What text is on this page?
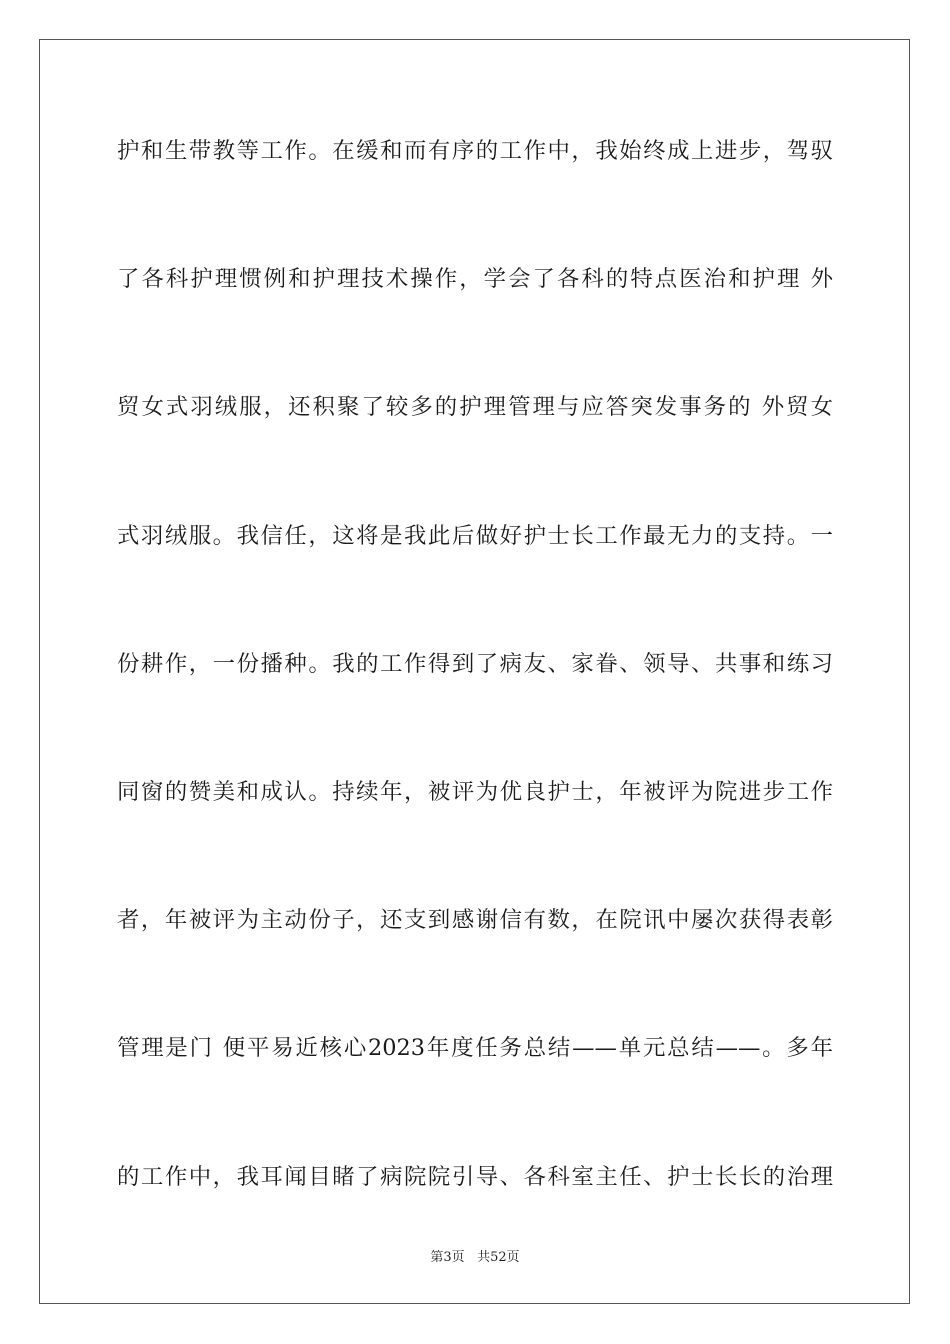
护和生带教等工作。在缓和而有序的工作中，我始终成上进步，驾驭
了各科护理惯例和护理技术操作，学会了各科的特点医治和护理 外
贸女式羽绒服，还积聚了较多的护理管理与应答突发事务的 外贸女
式羽绒服。我信任，这将是我此后做好护士长工作最无力的支持。一
份耕作，一份播种。我的工作得到了病友、家眷、领导、共事和练习
同窗的赞美和成认。持续年，被评为优良护士，年被评为院进步工作
者，年被评为主动份子，还支到感谢信有数，在院讯中屡次获得表彰
管理是门 便平易近核心2023年度任务总结——单元总结——。多年
的工作中，我耳闻目睹了病院院引导、各科室主任、护士长长的治理
第3页 共52页
